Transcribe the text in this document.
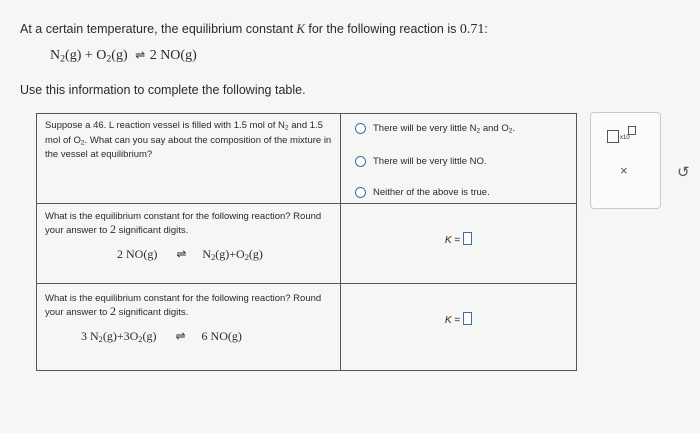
At a certain temperature, the equilibrium constant K for the following reaction is 0.71:
$N_2(g) + O_2(g)$ ⇌ 2 NO(g)
Use this information to complete the following table.
Suppose a 46. L reaction vessel is filled with 1.5 mol of $N_2$ and 1.5 mol of $O_2$. What can you say about the composition of the mixture in the vessel at equilibrium?	There will be very little $N_2$ and $O_2$.
There will be very little NO.
Neither of the above is true.

What is the equilibrium constant for the following reaction? Round your answer to 2 significant digits.
2 NO(g) ⇌ $N_2(g)+O_2(g)$	K =

What is the equilibrium constant for the following reaction? Round your answer to 2 significant digits.
3 $N_2(g)+3O_2(g)$ ⇌ 6 NO(g)	K =
x10
×	↺
